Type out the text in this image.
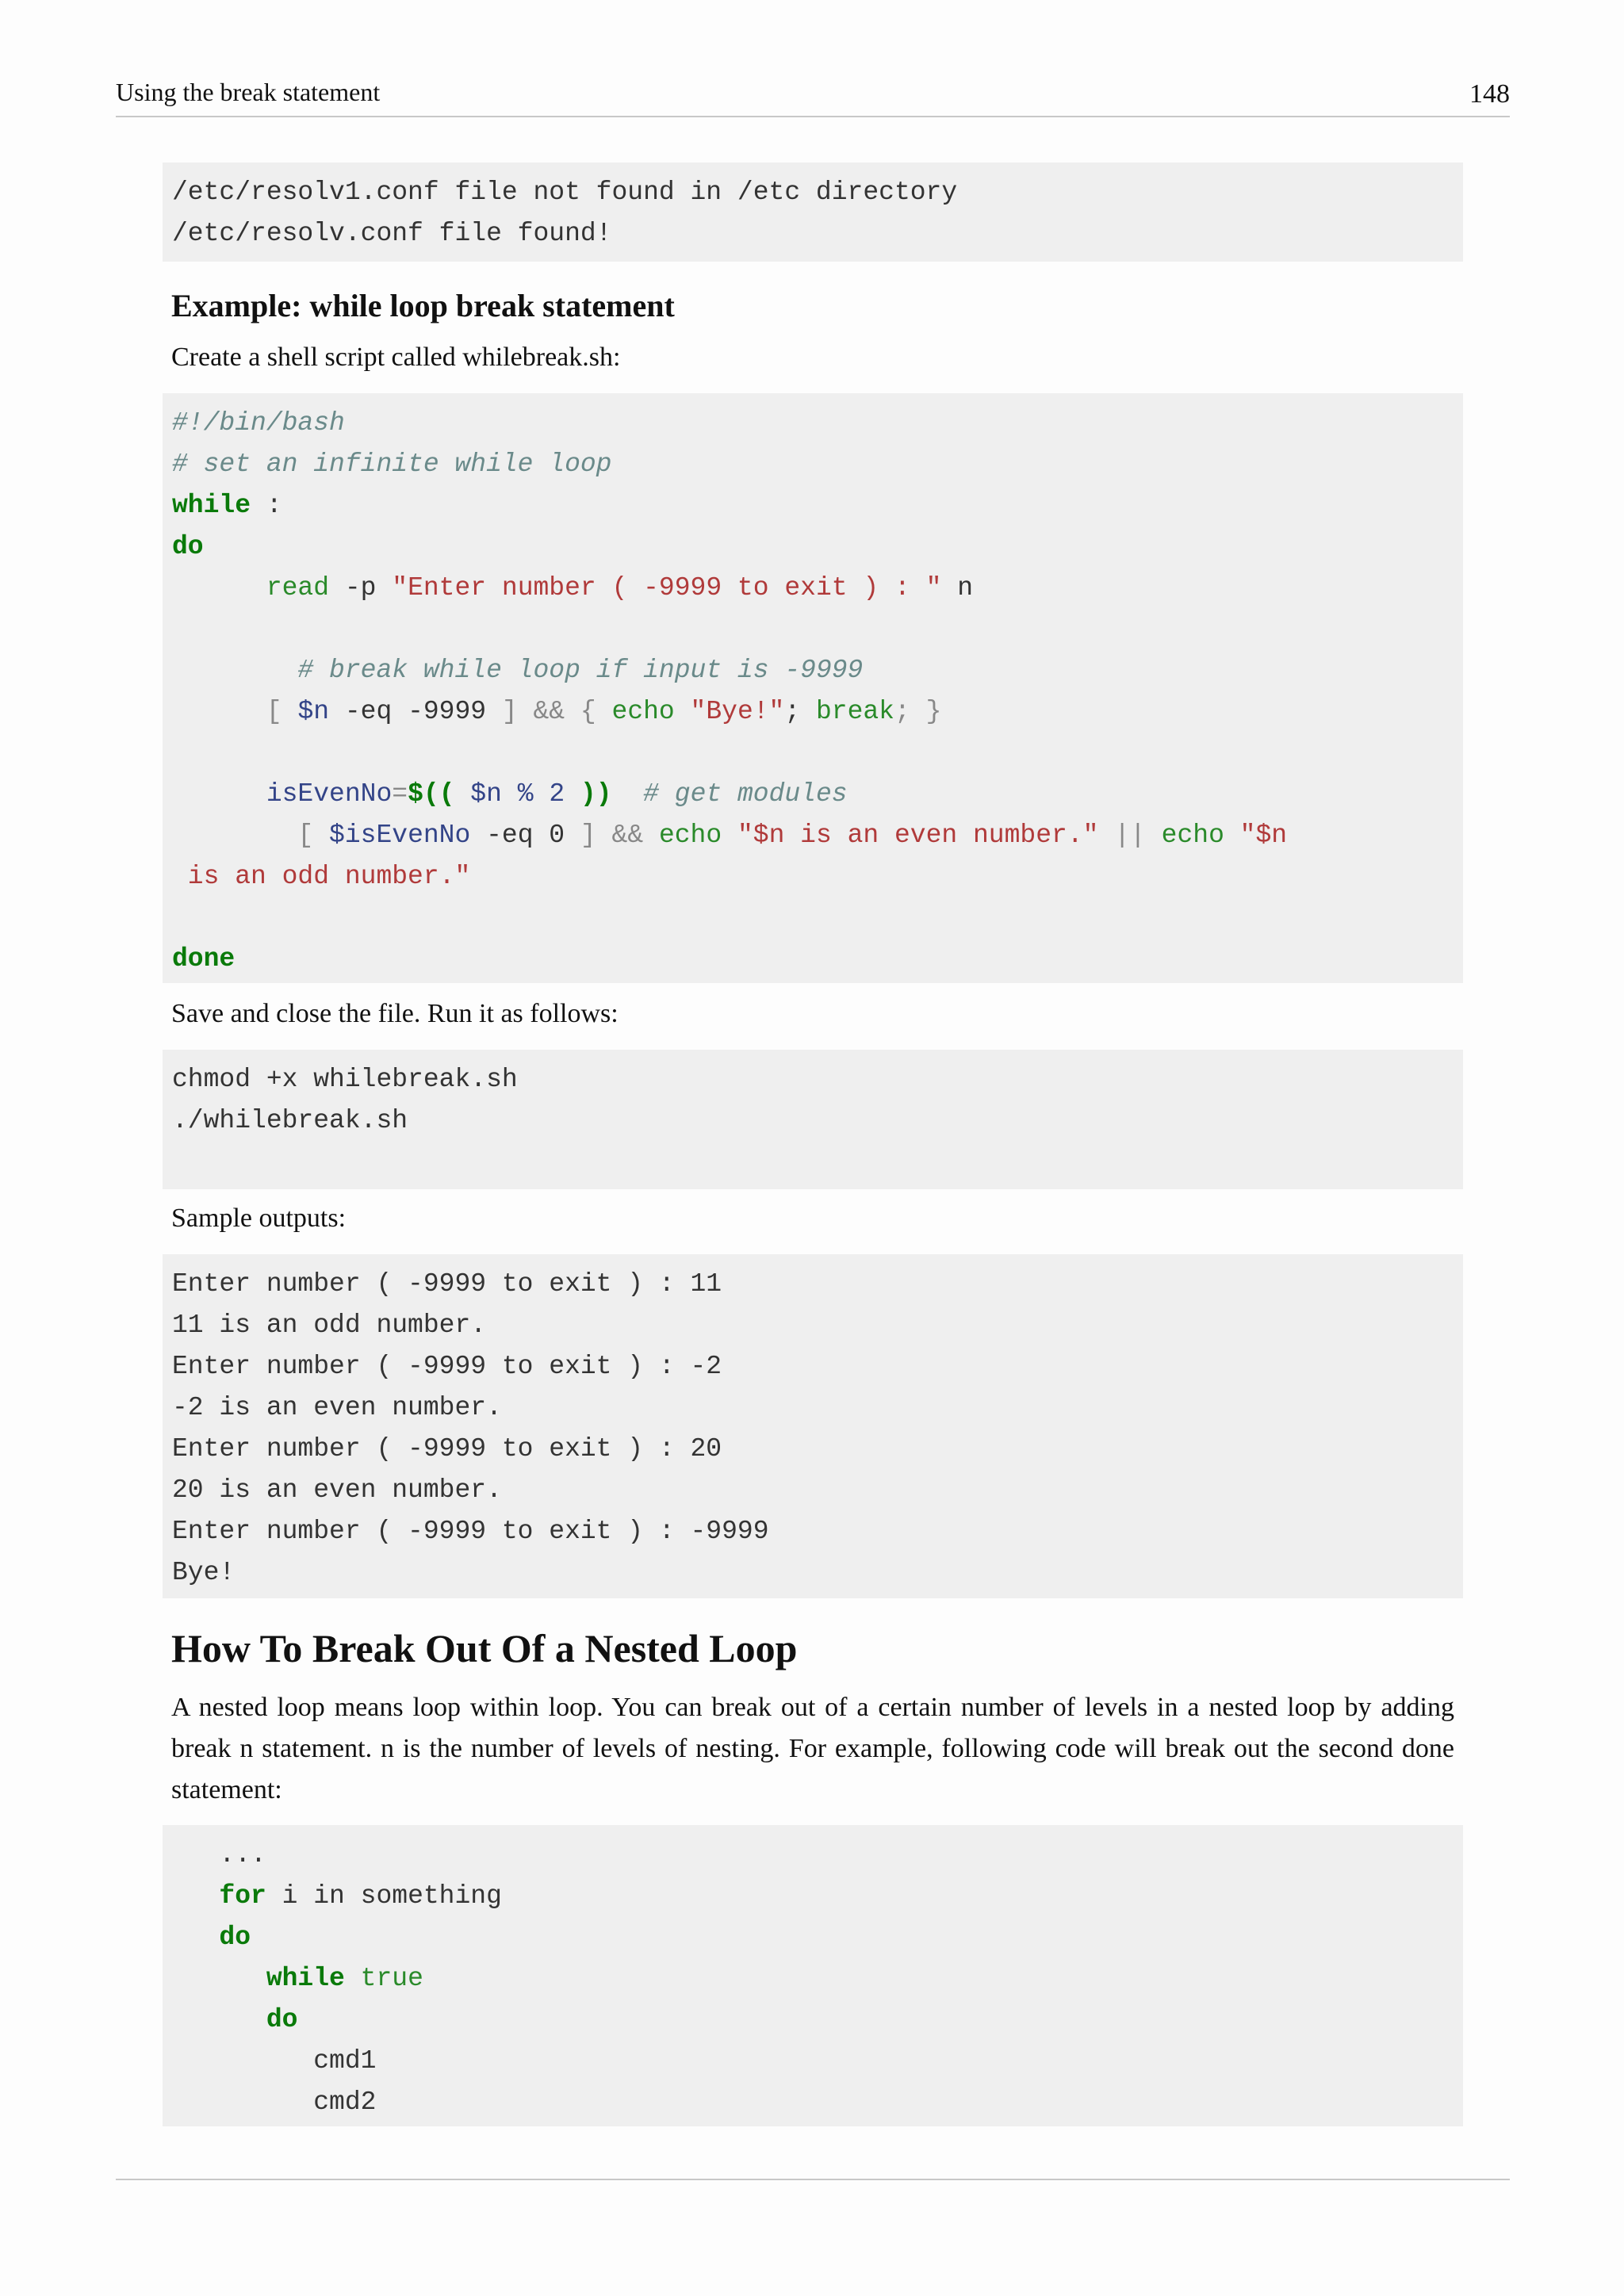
Using the break statement	148
/etc/resolv1.conf file not found in /etc directory
/etc/resolv.conf file found!
Example: while loop break statement
Create a shell script called whilebreak.sh:
#!/bin/bash
# set an infinite while loop
while :
do
read -p "Enter number ( -9999 to exit ) : " n
# break while loop if input is -9999
[ $n -eq -9999 ] && { echo "Bye!"; break; }
isEvenNo=$(( $n % 2 ))  # get modules
[ $isEvenNo -eq 0 ] && echo "$n is an even number." || echo "$n
is an odd number."
done
Save and close the file. Run it as follows:
chmod +x whilebreak.sh
./whilebreak.sh
Sample outputs:
Enter number ( -9999 to exit ) : 11
11 is an odd number.
Enter number ( -9999 to exit ) : -2
-2 is an even number.
Enter number ( -9999 to exit ) : 20
20 is an even number.
Enter number ( -9999 to exit ) : -9999
Bye!
How To Break Out Of a Nested Loop
A nested loop means loop within loop. You can break out of a certain number of levels in a nested loop by adding break n statement. n is the number of levels of nesting. For example, following code will break out the second done statement:
...
for i in something
do
while true
do
cmd1
cmd2
